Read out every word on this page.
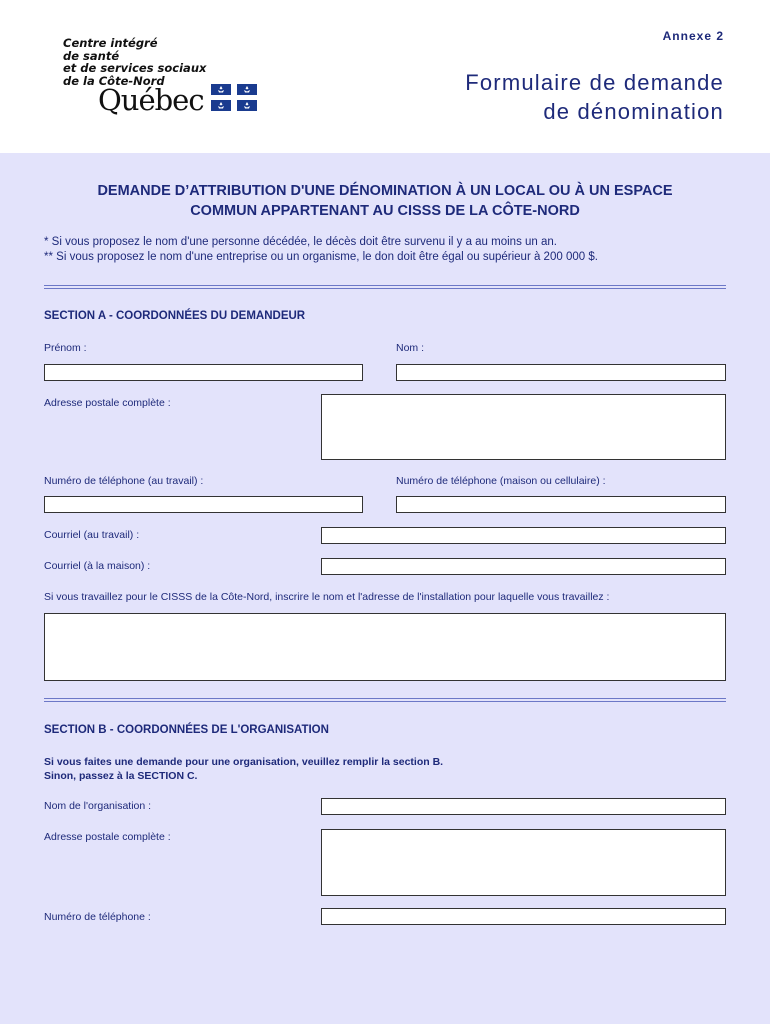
Centre intégré
de santé
et de services sociaux
de la Côte-Nord
Québec
Annexe 2
Formulaire de demande
de dénomination
DEMANDE D’ATTRIBUTION D'UNE DÉNOMINATION À UN LOCAL OU À UN ESPACE
COMMUN APPARTENANT AU CISSS DE LA CÔTE-NORD
* Si vous proposez le nom d'une personne décédée, le décès doit être survenu il y a au moins un an.
** Si vous proposez le nom d'une entreprise ou un organisme, le don doit être égal ou supérieur à 200 000 $.
SECTION A - COORDONNÉES DU DEMANDEUR
Prénom :	Nom :
Adresse postale complète :
Numéro de téléphone (au travail) :	Numéro de téléphone (maison ou cellulaire) :
Courriel (au travail) :
Courriel (à la maison) :
Si vous travaillez pour le CISSS de la Côte-Nord, inscrire le nom et l'adresse de l'installation pour laquelle vous travaillez :
SECTION B - COORDONNÉES DE L'ORGANISATION
Si vous faites une demande pour une organisation, veuillez remplir la section B.
Sinon, passez à la SECTION C.
Nom de l'organisation :
Adresse postale complète :
Numéro de téléphone :
